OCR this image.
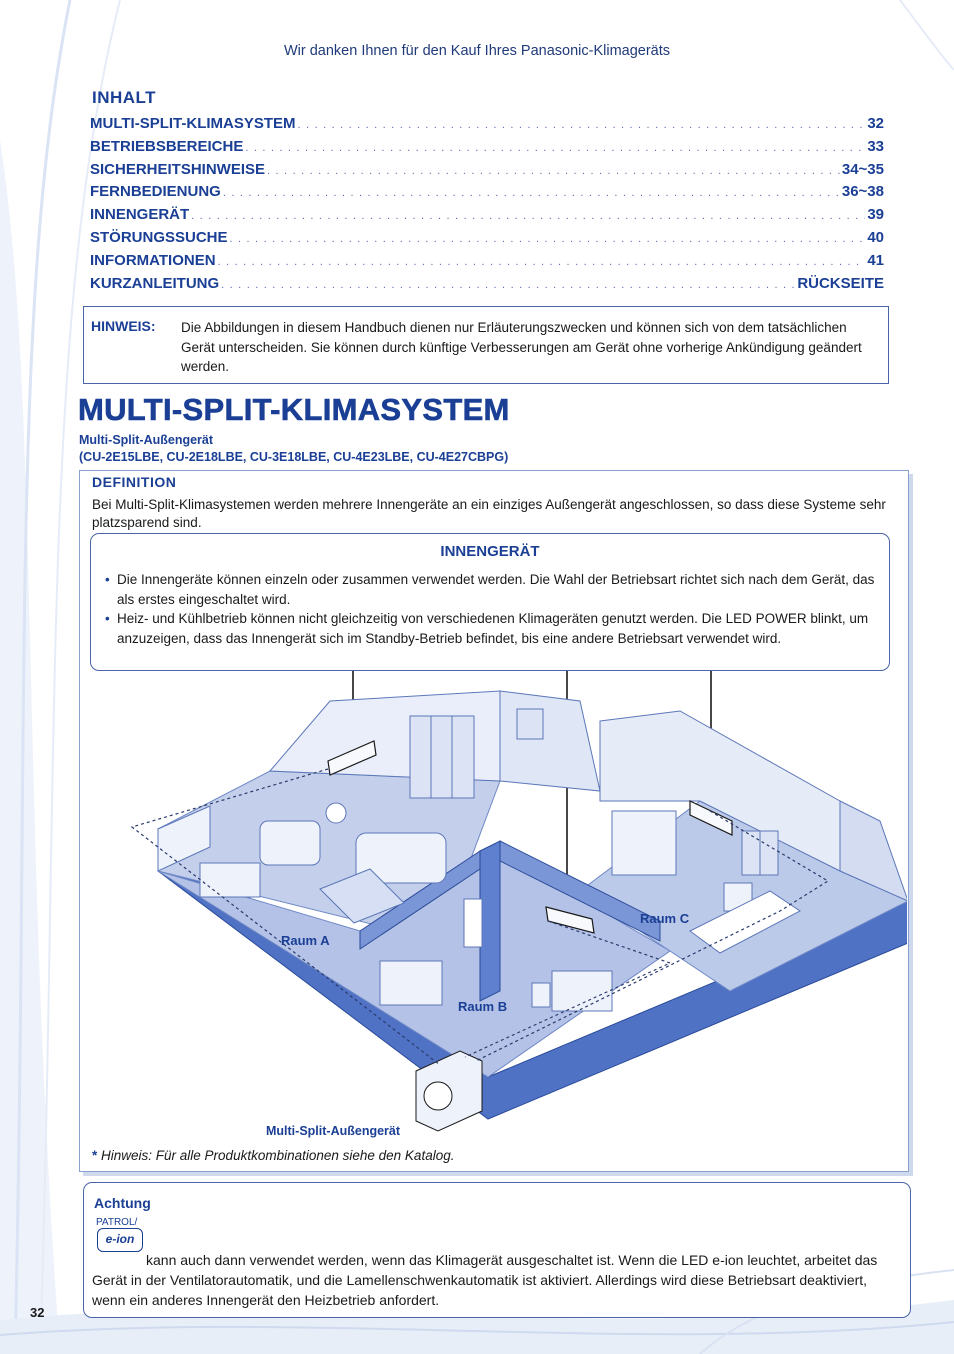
Wir danken Ihnen für den Kauf Ihres Panasonic-Klimageräts
INHALT
MULTI-SPLIT-KLIMASYSTEM . . .	32
BETRIEBSBEREICHE . . .	33
SICHERHEITSHINWEISE . . .	34~35
FERNBEDIENUNG . . .	36~38
INNENGERÄT . . .	39
STÖRUNGSSUCHE . . .	40
INFORMATIONEN . . .	41
KURZANLEITUNG . . .	RÜCKSEITE
HINWEIS: Die Abbildungen in diesem Handbuch dienen nur Erläuterungszwecken und können sich von dem tatsächlichen Gerät unterscheiden. Sie können durch künftige Verbesserungen am Gerät ohne vorherige Ankündigung geändert werden.
MULTI-SPLIT-KLIMASYSTEM
Multi-Split-Außengerät
(CU-2E15LBE, CU-2E18LBE, CU-3E18LBE, CU-4E23LBE, CU-4E27CBPG)
DEFINITION
Bei Multi-Split-Klimasystemen werden mehrere Innengeräte an ein einziges Außengerät angeschlossen, so dass diese Systeme sehr platzsparend sind.
INNENGERÄT
• Die Innengeräte können einzeln oder zusammen verwendet werden. Die Wahl der Betriebsart richtet sich nach dem Gerät, das als erstes eingeschaltet wird.
• Heiz- und Kühlbetrieb können nicht gleichzeitig von verschiedenen Klimageräten genutzt werden. Die LED POWER blinkt, um anzuzeigen, dass das Innengerät sich im Standby-Betrieb befindet, bis eine andere Betriebsart verwendet wird.
Raum A
Raum B
Raum C
Multi-Split-Außengerät
* Hinweis: Für alle Produktkombinationen siehe den Katalog.
Achtung
PATROL/
e-ion
kann auch dann verwendet werden, wenn das Klimagerät ausgeschaltet ist. Wenn die LED e-ion leuchtet, arbeitet das Gerät in der Ventilatorautomatik, und die Lamellenschwenkautomatik ist aktiviert. Allerdings wird diese Betriebsart deaktiviert, wenn ein anderes Innengerät den Heizbetrieb anfordert.
32
